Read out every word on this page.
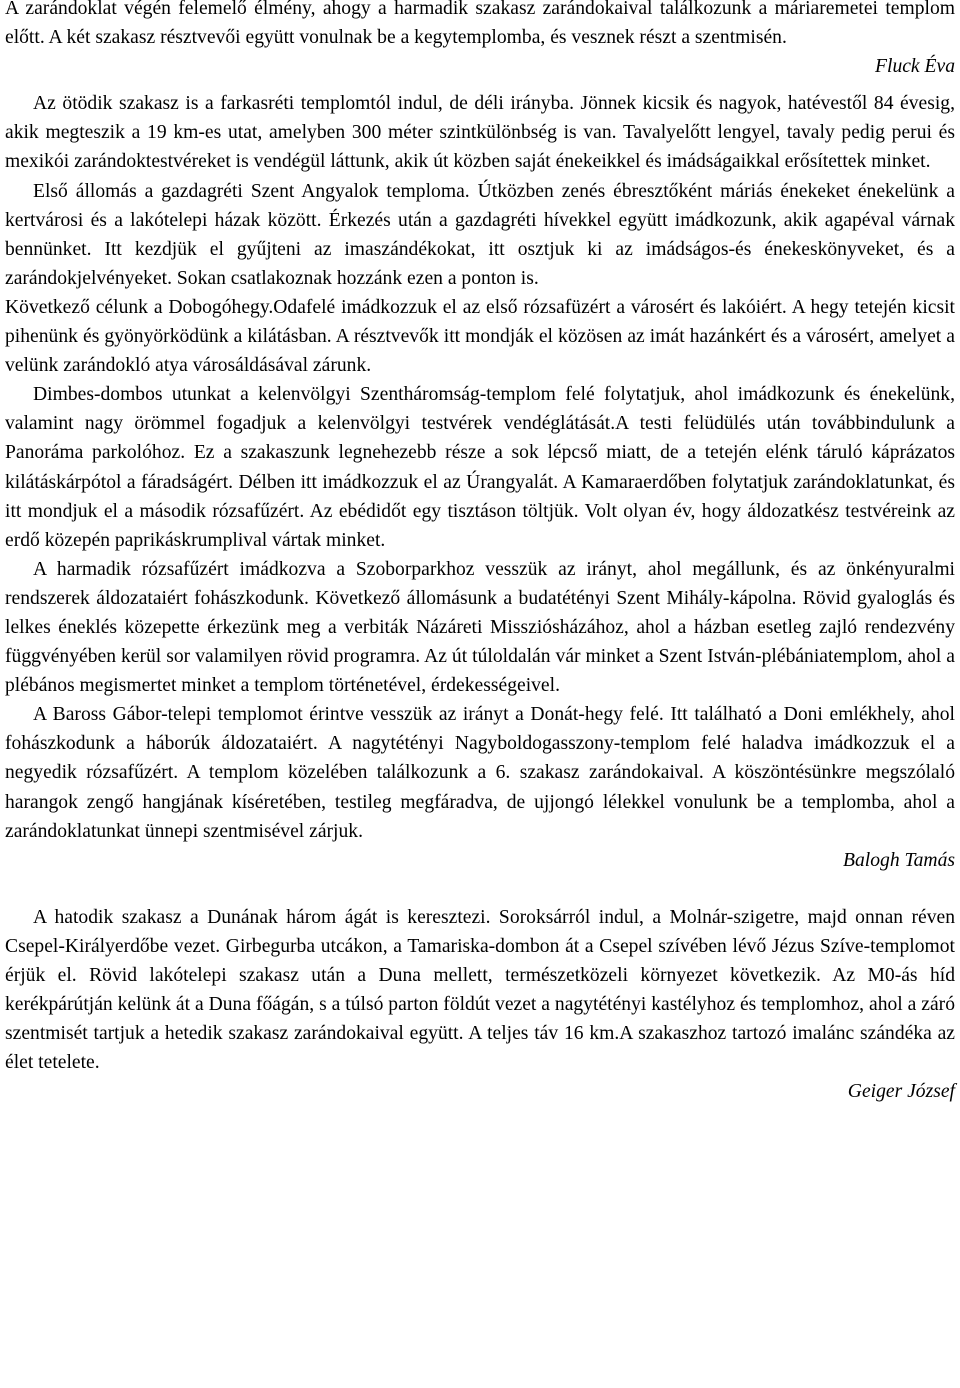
A zarándoklat végén felemelő élmény, ahogy a harmadik szakasz zarándokaival találkozunk a máriaremetei templom előtt. A két szakasz résztvevői együtt vonulnak be a kegytemplomba, és vesznek részt a szentmisén.

Fluck Éva

Az ötödik szakasz is a farkasréti templomtól indul, de déli irányba. Jönnek kicsik és nagyok, hatévestől 84 évesig, akik megteszik a 19 km-es utat, amelyben 300 méter szintkülönbség is van. Tavalyelőtt lengyel, tavaly pedig perui és mexikói zarándoktestvéreket is vendégül láttunk, akik út közben saját énekeikkel és imádságaikkal erősítettek minket.

Első állomás a gazdagréti Szent Angyalok temploma. Útközben zenés ébresztőként máriás énekeket énekelünk a kertvárosi és a lakótelepi házak között. Érkezés után a gazdagréti hívekkel együtt imádkozunk, akik agapéval várnak bennünket. Itt kezdjük el gyűjteni az imaszándékokat, itt osztjuk ki az imádságos-és énekeskönyveket, és a zarándokjelvényeket. Sokan csatlakoznak hozzánk ezen a ponton is.

Következő célunk a Dobogóhegy.Odafelé imádkozzuk el az első rózsafüzért a városért és lakóiért. A hegy tetején kicsit pihenünk és gyönyörködünk a kilátásban. A résztvevők itt mondják el közösen az imát hazánkért és a városért, amelyet a velünk zarándokló atya városáldásával zárunk.

Dimbes-dombos utunkat a kelenvölgyi Szentháromság-templom felé folytatjuk, ahol imádkozunk és énekelünk, valamint nagy örömmel fogadjuk a kelenvölgyi testvérek vendéglátását.A testi felüdülés után továbbindulunk a Panoráma parkolóhoz. Ez a szakaszunk legnehezebb része a sok lépcső miatt, de a tetején elénk táruló káprázatos kilátáskárpótol a fáradságért. Délben itt imádkozzuk el az Úrangyalát. A Kamaraerdőben folytatjuk zarándoklatunkat, és itt mondjuk el a második rózsafűzért. Az ebédidőt egy tisztáson töltjük. Volt olyan év, hogy áldozatkész testvéreink az erdő közepén paprikáskrumplival vártak minket.

A harmadik rózsafűzért imádkozva a Szoborparkhoz vesszük az irányt, ahol megállunk, és az önkényuralmi rendszerek áldozataiért fohászkodunk. Következő állomásunk a budatétényi Szent Mihály-kápolna. Rövid gyaloglás és lelkes éneklés közepette érkezünk meg a verbiták Názáreti Missziósházához, ahol a házban esetleg zajló rendezvény függvényében kerül sor valamilyen rövid programra. Az út túloldalán vár minket a Szent István-plébániatemplom, ahol a plébános megismertet minket a templom történetével, érdekességeivel.

A Baross Gábor-telepi templomot érintve vesszük az irányt a Donát-hegy felé. Itt található a Doni emlékhely, ahol fohászkodunk a háborúk áldozataiért. A nagytétényi Nagyboldogasszony-templom felé haladva imádkozzuk el a negyedik rózsafűzért. A templom közelében találkozunk a 6. szakasz zarándokaival. A köszöntésünkre megszólaló harangok zengő hangjának kíséretében, testileg megfáradva, de ujjongó lélekkel vonulunk be a templomba, ahol a zarándoklatunkat ünnepi szentmisével zárjuk.

Balogh Tamás

A hatodik szakasz a Dunának három ágát is keresztezi. Soroksárról indul, a Molnár-szigetre, majd onnan réven Csepel-Királyerdőbe vezet. Girbegurba utcákon, a Tamariska-dombon át a Csepel szívében lévő Jézus Szíve-templomot érjük el. Rövid lakótelepi szakasz után a Duna mellett, természetközeli környezet következik. Az M0-ás híd kerékpárútján kelünk át a Duna főágán, s a túlsó parton földút vezet a nagytétényi kastélyhoz és templomhoz, ahol a záró szentmisét tartjuk a hetedik szakasz zarándokaival együtt. A teljes táv 16 km.A szakaszhoz tartozó imalánc szándéka az élet tetelete.

Geiger József
